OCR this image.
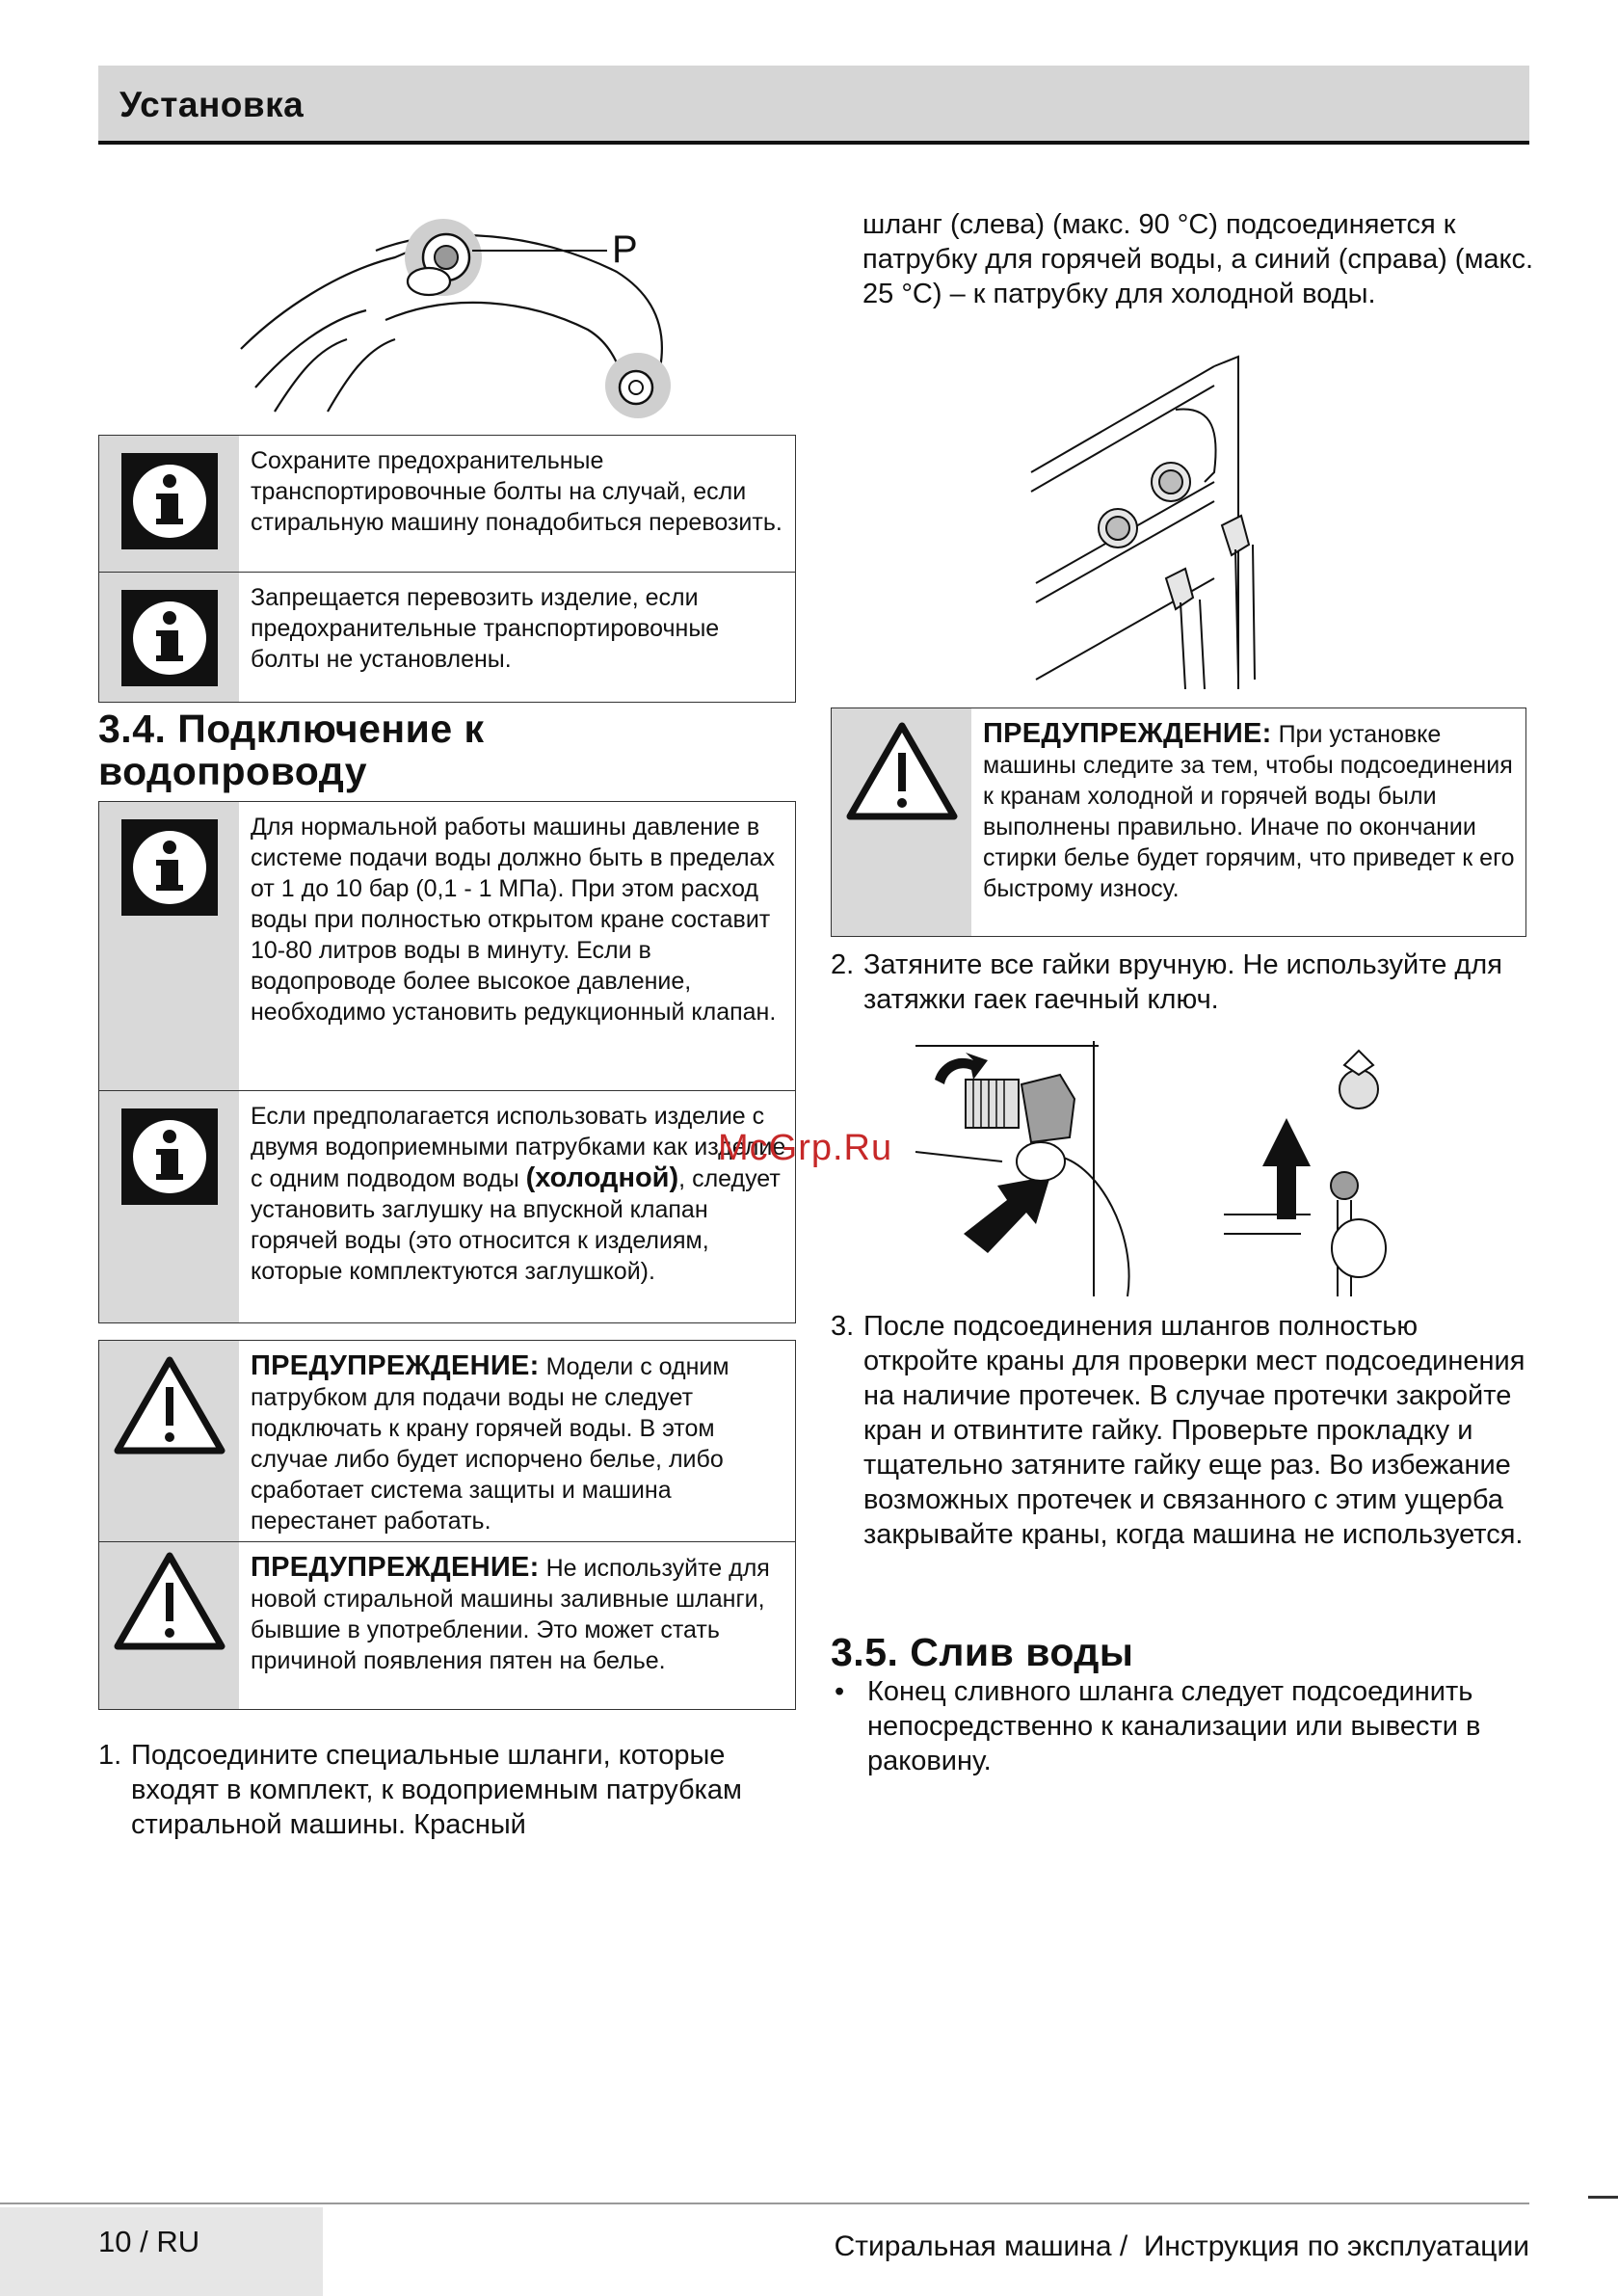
Установка
P
Сохраните предохранительные транспортировочные болты на случай, если стиральную машину понадобиться перевозить.
Запрещается перевозить изделие, если предохранительные транспортировочные болты не установлены.
3.4. Подключение к
водопроводу
Для нормальной работы машины давление в системе подачи воды должно быть в пределах от 1 до 10 бар (0,1 - 1 МПа). При этом расход воды при полностью открытом кране составит 10-80 литров воды в минуту. Если в водопроводе более высокое давление, необходимо установить редукционный клапан.
Если предполагается использовать изделие с двумя водоприемными патрубками как изделие с одним подводом воды (холодной), следует установить заглушку на впускной клапан горячей воды (это относится к изделиям, которые комплектуются заглушкой).
ПРЕДУПРЕЖДЕНИЕ: Модели с одним патрубком для подачи воды не следует подключать к крану горячей воды. В этом случае либо будет испорчено белье, либо сработает система защиты и машина перестанет работать.
ПРЕДУПРЕЖДЕНИЕ: Не используйте для новой стиральной машины заливные шланги, бывшие в употреблении. Это может стать причиной появления пятен на белье.
1. Подсоедините специальные шланги, которые входят в комплект, к водоприемным патрубкам стиральной машины. Красный
шланг (слева) (макс. 90 °C) подсоединяется к патрубку для горячей воды, а синий (справа) (макс. 25 °C) – к патрубку для холодной воды.
ПРЕДУПРЕЖДЕНИЕ: При установке машины следите за тем, чтобы подсоединения к кранам холодной и горячей воды были выполнены правильно. Иначе по окончании стирки белье будет горячим, что приведет к его быстрому износу.
2. Затяните все гайки вручную. Не используйте для затяжки гаек гаечный ключ.
McGrp.Ru
3. После подсоединения шлангов полностью откройте краны для проверки мест подсоединения на наличие протечек. В случае протечки закройте кран и отвинтите гайку. Проверьте прокладку и тщательно затяните гайку еще раз. Во избежание возможных протечек и связанного с этим ущерба закрывайте краны, когда машина не используется.
3.5. Слив воды
• Конец сливного шланга следует подсоединить непосредственно к канализации или вывести в раковину.
10 / RU	Стиральная машина /  Инструкция по эксплуатации
